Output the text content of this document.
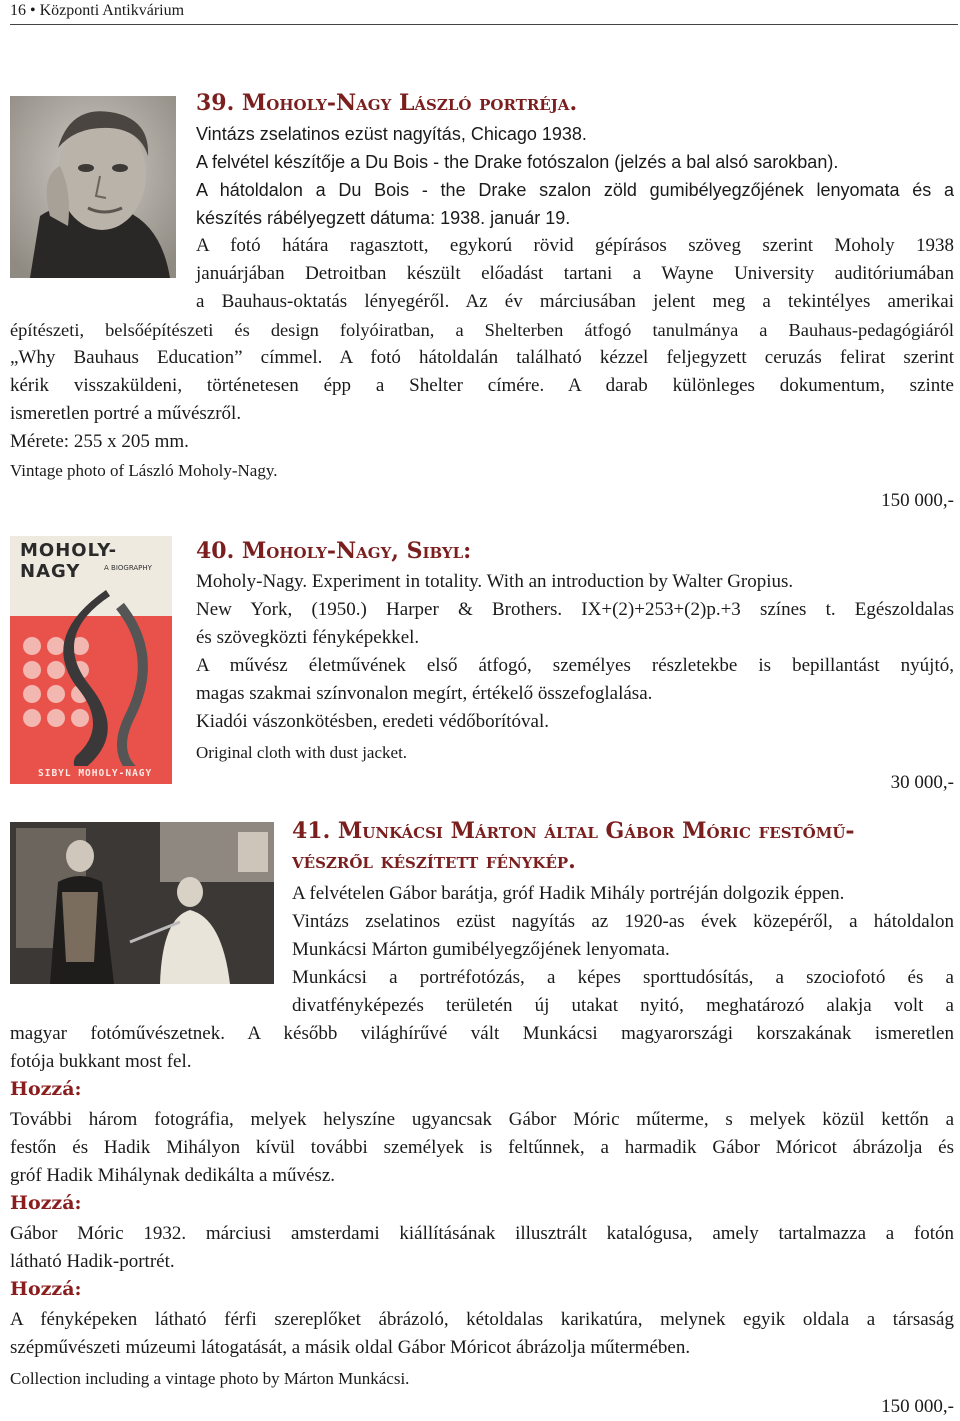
16 • Központi Antikvárium
39. Moholy-Nagy László portréja.
Vintázs zselatinos ezüst nagyítás, Chicago 1938.
A felvétel készítője a Du Bois - the Drake fotószalon (jelzés a bal alsó sarokban).
A hátoldalon a Du Bois - the Drake szalon zöld gumibélyegzőjének lenyomata és a
készítés rábélyegzett dátuma: 1938. január 19.
A fotó hátára ragasztott, egykorú rövid gépírásos szöveg szerint Moholy 1938
januárjában Detroitban készült előadást tartani a Wayne University auditóriumában
a Bauhaus-oktatás lényegéről. Az év márciusában jelent meg a tekintélyes amerikai
építészeti, belsőépítészeti és design folyóiratban, a Shelterben átfogó tanulmánya a Bauhaus-pedagógiáról
„Why Bauhaus Education” címmel. A fotó hátoldalán található kézzel feljegyzett ceruzás felirat szerint
kérik visszaküldeni, történetesen épp a Shelter címére. A darab különleges dokumentum, szinte
ismeretlen portré a művészről.
Mérete: 255 x 205 mm.
Vintage photo of László Moholy-Nagy.
150 000,-
MOHOLY-NAGY	A BIOGRAPHY
SIBYL MOHOLY-NAGY
40. Moholy-Nagy, Sibyl:
Moholy-Nagy. Experiment in totality. With an introduction by Walter Gropius.
New York, (1950.) Harper & Brothers. IX+(2)+253+(2)p.+3 színes t. Egészoldalas
és szövegközti fényképekkel.
A művész életművének első átfogó, személyes részletekbe is bepillantást nyújtó,
magas szakmai színvonalon megírt, értékelő összefoglalása.
Kiadói vászonkötésben, eredeti védőborítóval.
Original cloth with dust jacket.
30 000,-
41. Munkácsi Márton által Gábor Móric festőmű-
vészről készített fénykép.
A felvételen Gábor barátja, gróf Hadik Mihály portréján dolgozik éppen.
Vintázs zselatinos ezüst nagyítás az 1920-as évek közepéről, a hátoldalon
Munkácsi Márton gumibélyegzőjének lenyomata.
Munkácsi a portréfotózás, a képes sporttudósítás, a szociofotó és a
divatfényképezés területén új utakat nyitó, meghatározó alakja volt a
magyar fotóművészetnek. A később világhírűvé vált Munkácsi magyarországi korszakának ismeretlen
fotója bukkant most fel.
Hozzá:
További három fotográfia, melyek helyszíne ugyancsak Gábor Móric műterme, s melyek közül kettőn a
festőn és Hadik Mihályon kívül további személyek is feltűnnek, a harmadik Gábor Móricot ábrázolja és
gróf Hadik Mihálynak dedikálta a művész.
Hozzá:
Gábor Móric 1932. márciusi amsterdami kiállításának illusztrált katalógusa, amely tartalmazza a fotón
látható Hadik-portrét.
Hozzá:
A fényképeken látható férfi szereplőket ábrázoló, kétoldalas karikatúra, melynek egyik oldala a társaság
szépművészeti múzeumi látogatását, a másik oldal Gábor Móricot ábrázolja műtermében.
Collection including a vintage photo by Márton Munkácsi.
150 000,-
